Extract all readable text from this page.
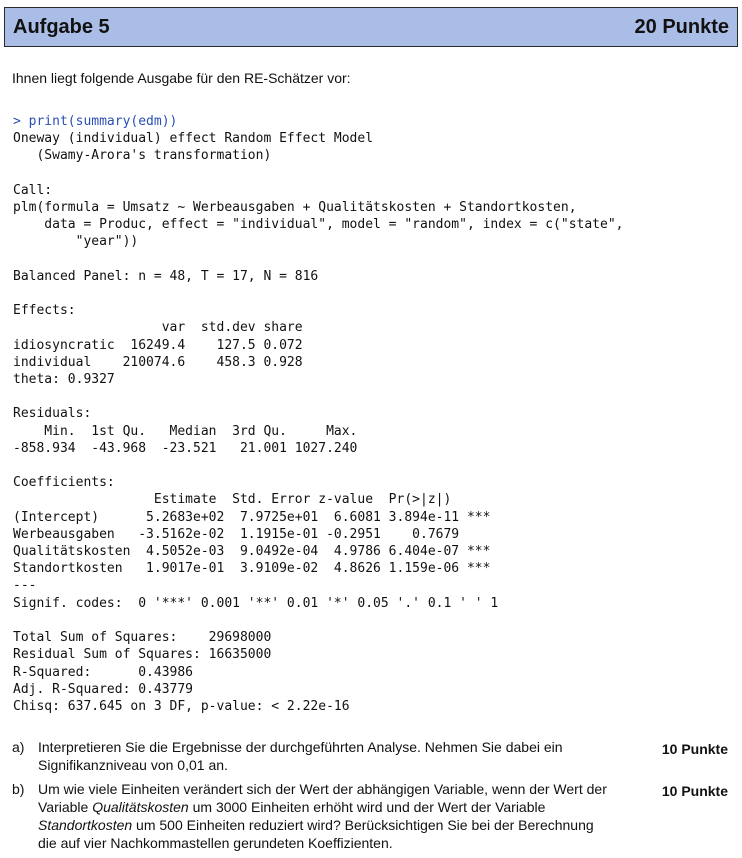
Aufgabe 5	20 Punkte
Ihnen liegt folgende Ausgabe für den RE-Schätzer vor:
> print(summary(edm))
Oneway (individual) effect Random Effect Model
(Swamy-Arora's transformation)

Call:
plm(formula = Umsatz ~ Werbeausgaben + Qualitätskosten + Standortkosten,
data = Produc, effect = "individual", model = "random", index = c("state",
"year"))

Balanced Panel: n = 48, T = 17, N = 816

Effects:
var  std.dev share
idiosyncratic  16249.4    127.5 0.072
individual    210074.6    458.3 0.928
theta: 0.9327

Residuals:
Min.  1st Qu.   Median  3rd Qu.     Max.
-858.934  -43.968  -23.521   21.001 1027.240

Coefficients:
Estimate  Std. Error z-value  Pr(>|z|)
(Intercept)      5.2683e+02  7.9725e+01  6.6081 3.894e-11 ***
Werbeausgaben   -3.5162e-02  1.1915e-01 -0.2951    0.7679
Qualitätskosten  4.5052e-03  9.0492e-04  4.9786 6.404e-07 ***
Standortkosten   1.9017e-01  3.9109e-02  4.8626 1.159e-06 ***
---
Signif. codes:  0 '***' 0.001 '**' 0.01 '*' 0.05 '.' 0.1 ' ' 1

Total Sum of Squares:    29698000
Residual Sum of Squares: 16635000
R-Squared:      0.43986
Adj. R-Squared: 0.43779
Chisq: 637.645 on 3 DF, p-value: < 2.22e-16
a) Interpretieren Sie die Ergebnisse der durchgeführten Analyse. Nehmen Sie dabei ein Signifikanzniveau von 0,01 an.
10 Punkte
b) Um wie viele Einheiten verändert sich der Wert der abhängigen Variable, wenn der Wert der Variable Qualitätskosten um 3000 Einheiten erhöht wird und der Wert der Variable Standortkosten um 500 Einheiten reduziert wird? Berücksichtigen Sie bei der Berechnung die auf vier Nachkommastellen gerundeten Koeffizienten.
10 Punkte
